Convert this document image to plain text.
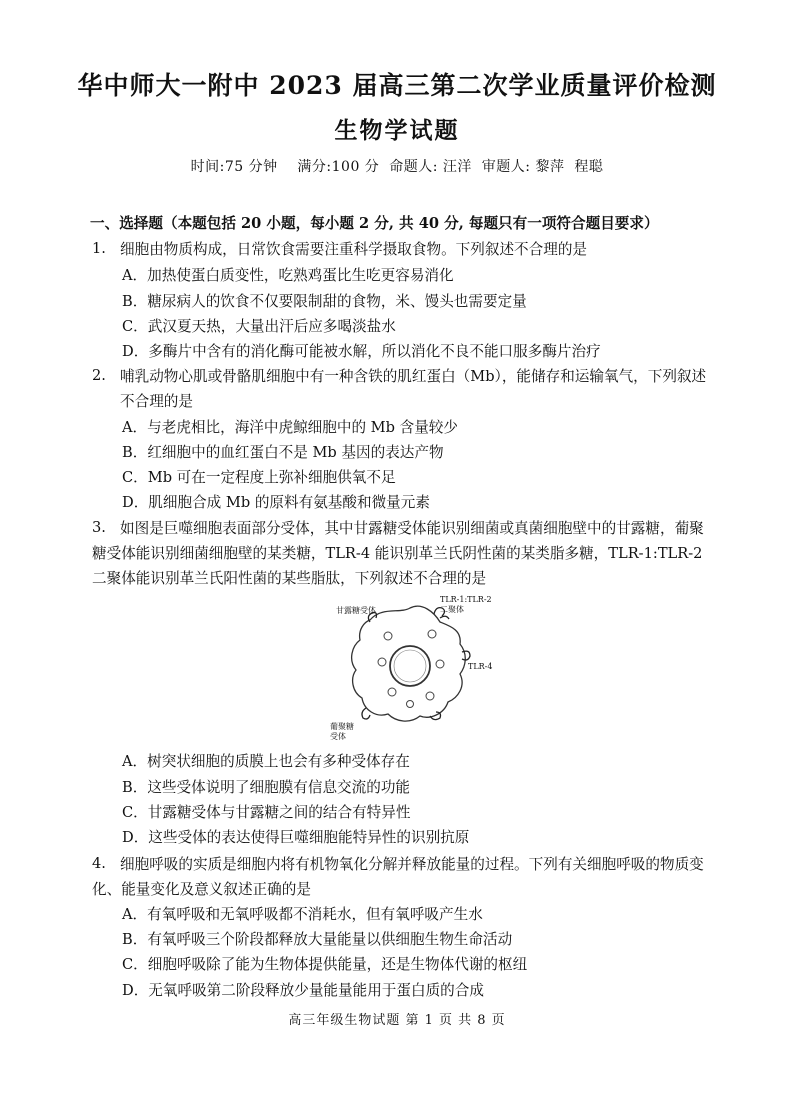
华中师大一附中 2023 届高三第二次学业质量评价检测
生物学试题
时间:75 分钟    满分:100 分  命题人: 汪洋  审题人: 黎萍  程聪
一、选择题（本题包括 20 小题，每小题 2 分, 共 40 分, 每题只有一项符合题目要求）
1. 细胞由物质构成，日常饮食需要注重科学摄取食物。下列叙述不合理的是
A．加热使蛋白质变性，吃熟鸡蛋比生吃更容易消化
B．糖尿病人的饮食不仅要限制甜的食物，米、馒头也需要定量
C．武汉夏天热，大量出汗后应多喝淡盐水
D．多酶片中含有的消化酶可能被水解，所以消化不良不能口服多酶片治疗
2. 哺乳动物心肌或骨骼肌细胞中有一种含铁的肌红蛋白（Mb），能储存和运输氧气，下列叙述
不合理的是
A．与老虎相比，海洋中虎鲸细胞中的 Mb 含量较少
B．红细胞中的血红蛋白不是 Mb 基因的表达产物
C．Mb 可在一定程度上弥补细胞供氧不足
D．肌细胞合成 Mb 的原料有氨基酸和微量元素
3. 如图是巨噬细胞表面部分受体，其中甘露糖受体能识别细菌或真菌细胞壁中的甘露糖，葡聚
糖受体能识别细菌细胞壁的某类糖，TLR-4 能识别革兰氏阴性菌的某类脂多糖，TLR-1:TLR-2
二聚体能识别革兰氏阳性菌的某些脂肽，下列叙述不合理的是
甘露糖受体
TLR-1:TLR-2
二聚体
TLR-4
葡聚糖
受体
A．树突状细胞的质膜上也会有多种受体存在
B．这些受体说明了细胞膜有信息交流的功能
C．甘露糖受体与甘露糖之间的结合有特异性
D．这些受体的表达使得巨噬细胞能特异性的识别抗原
4. 细胞呼吸的实质是细胞内将有机物氧化分解并释放能量的过程。下列有关细胞呼吸的物质变
化、能量变化及意义叙述正确的是
A．有氧呼吸和无氧呼吸都不消耗水，但有氧呼吸产生水
B．有氧呼吸三个阶段都释放大量能量以供细胞生物生命活动
C．细胞呼吸除了能为生物体提供能量，还是生物体代谢的枢纽
D．无氧呼吸第二阶段释放少量能量能用于蛋白质的合成
高三年级生物试题 第 1 页 共 8 页
